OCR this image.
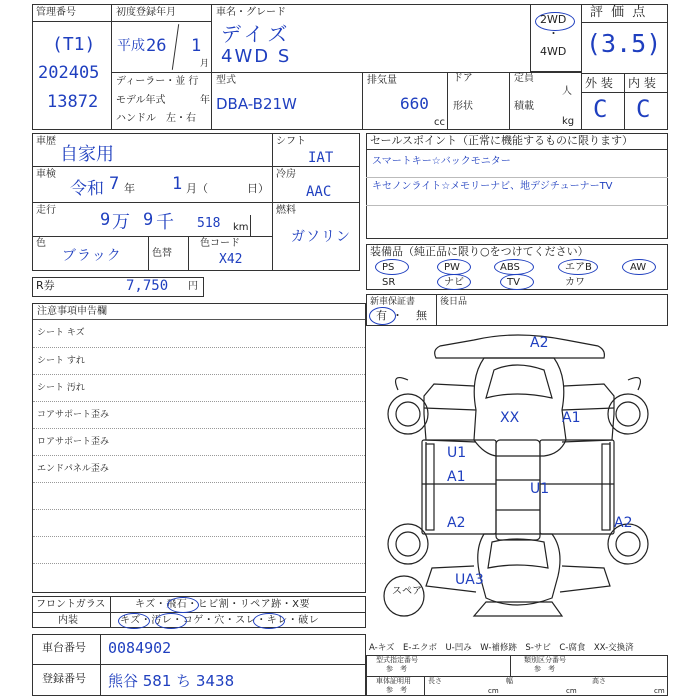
管理番号
(T1)
202405
13872
初度登録年月
平成 26 1
月
車名・グレード
デイズ
4WD S
2WD
・
4WD
評 価 点
(3.5)
外 装 内 装
C C
ディーラー・並 行
モデル年式	年
ハンドル　左・右
型式
DBA-B21W
排気量
660
cc
ドア
形状
定員
人
積載
kg
車歴
自家用
車検
令和 7 年 1 月（	日）
走行	9 万 9 千 518 km
色
ブラック	色替
色コード
X42
シフト
IAT
冷房
AAC
燃料
ガソリン
R券	7,750 円
注意事項申告欄
シート キズ
シート すれ
シート 汚れ
コアサポート歪み
ロアサポート歪み
エンドパネル歪み
フロントガラス	キズ・飛石・ヒビ割・リペア跡・X要
内装	キズ・汚レ・コゲ・穴・スレ・キレ・破レ
車台番号 0084902
登録番号 熊谷 581 ち 3438
セールスポイント（正常に機能するものに限ります）
スマートキー☆バックモニター
キセノンライト☆メモリーナビ、地デジチューナーTV
装備品（純正品に限り○をつけてください）
PS	PW	ABS	エアB	AW
SR	ナビ	TV	カワ
新車保証書
有 ・ 無
後日品
A2
XX	A1
U1
A1
U1
A2	A2
UA3
スペア
A-キズ　E-エクボ　U-凹み　W-補修跡　S-サビ　C-腐食　XX-交換済
型式指定番号
参　考
類別区分番号
参　考
車体証明用
参　考
長さ
cm
幅
cm
高さ
cm
